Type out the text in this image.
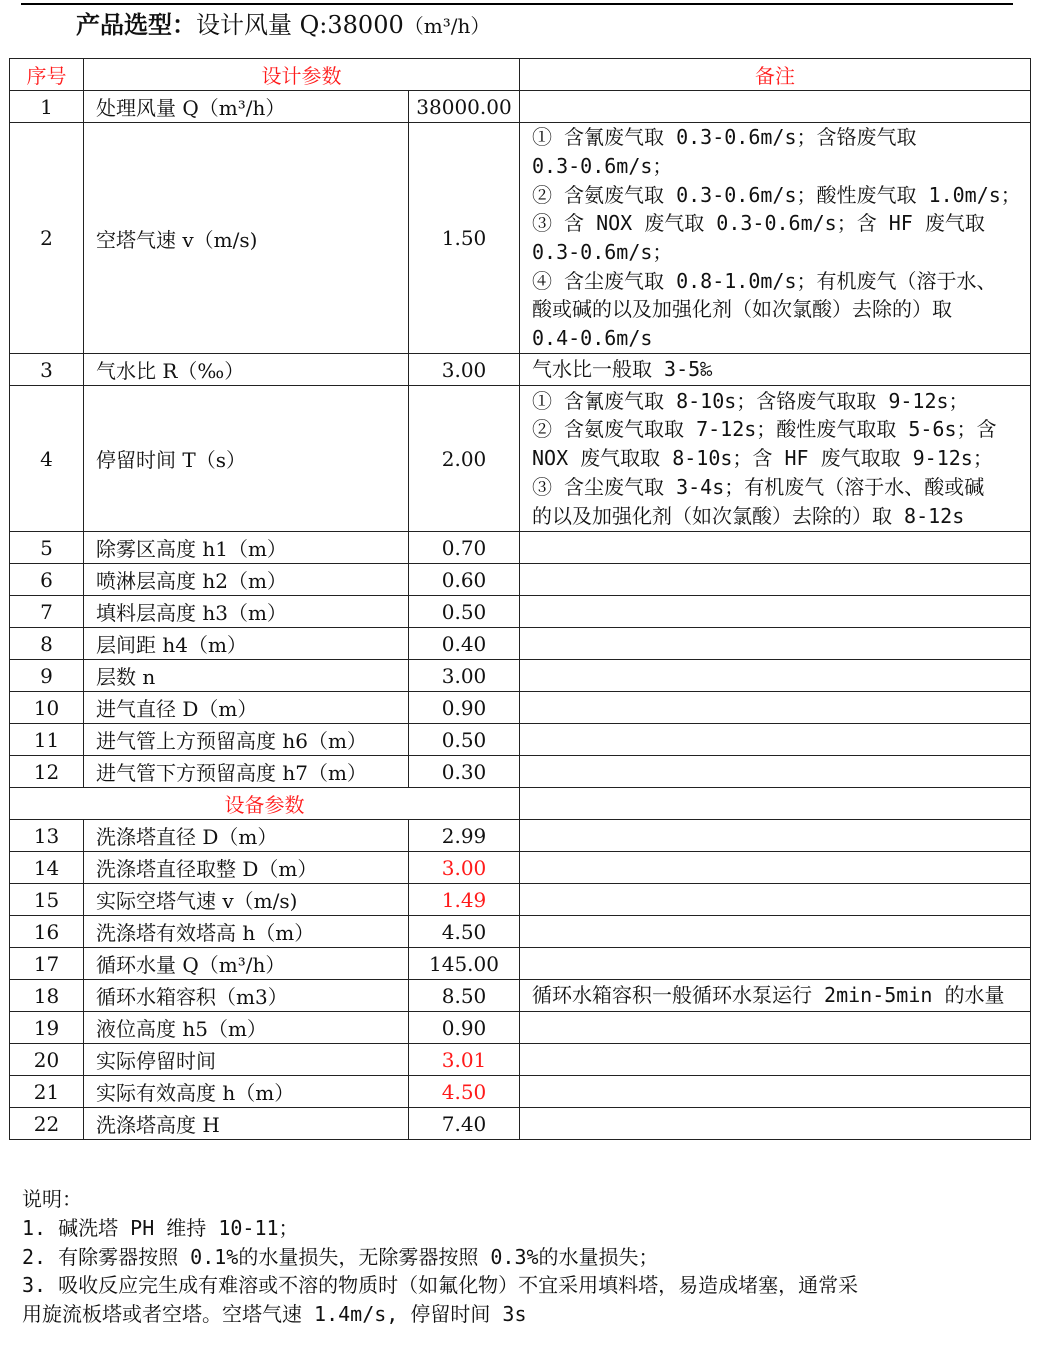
产品选型：设计风量 Q:38000（m³/h）
序号	设计参数		备注
1	处理风量 Q（m³/h）	38000.00	
2	空塔气速 v（m/s)	1.50	
① 含氰废气取 0.3-0.6m/s；含铬废气取
0.3-0.6m/s；
② 含氨废气取 0.3-0.6m/s；酸性废气取 1.0m/s；
③ 含 NOX 废气取 0.3-0.6m/s；含 HF 废气取
0.3-0.6m/s；
④ 含尘废气取 0.8-1.0m/s；有机废气（溶于水、
酸或碱的以及加强化剂（如次氯酸）去除的）取
0.4-0.6m/s

3	气水比 R（‰）	3.00	气水比一般取 3-5‰

4	停留时间 T（s）	2.00	① 含氰废气取 8-10s；含铬废气取取 9-12s；
② 含氨废气取取 7-12s；酸性废气取取 5-6s；含
NOX 废气取取 8-10s；含 HF 废气取取 9-12s；
③ 含尘废气取 3-4s；有机废气（溶于水、酸或碱
的以及加强化剂（如次氯酸）去除的）取 8-12s

5	除雾区高度 h1（m）	0.70	
6	喷淋层高度 h2（m）	0.60	
7	填料层高度 h3（m）	0.50	
8	层间距 h4（m）	0.40	
9	层数 n	3.00	
10	进气直径 D（m）	0.90	
11	进气管上方预留高度 h6（m）	0.50	
12	进气管下方预留高度 h7（m）	0.30	
设备参数			
13	洗涤塔直径 D（m）	2.99	
14	洗涤塔直径取整 D（m）	3.00	
15	实际空塔气速 v（m/s)	1.49	
16	洗涤塔有效塔高 h（m）	4.50	
17	循环水量 Q（m³/h）	145.00	
18	循环水箱容积（m3）	8.50	循环水箱容积一般循环水泵运行 2min-5min 的水量
19	液位高度 h5（m）	0.90	
20	实际停留时间	3.01	
21	实际有效高度 h（m）	4.50	
22	洗涤塔高度 H	7.40	
说明：
1. 碱洗塔 PH 维持 10-11；
2. 有除雾器按照 0.1%的水量损失，无除雾器按照 0.3%的水量损失；
3. 吸收反应完生成有难溶或不溶的物质时（如氟化物）不宜采用填料塔，易造成堵塞，通常采
用旋流板塔或者空塔。空塔气速 1.4m/s, 停留时间 3s
